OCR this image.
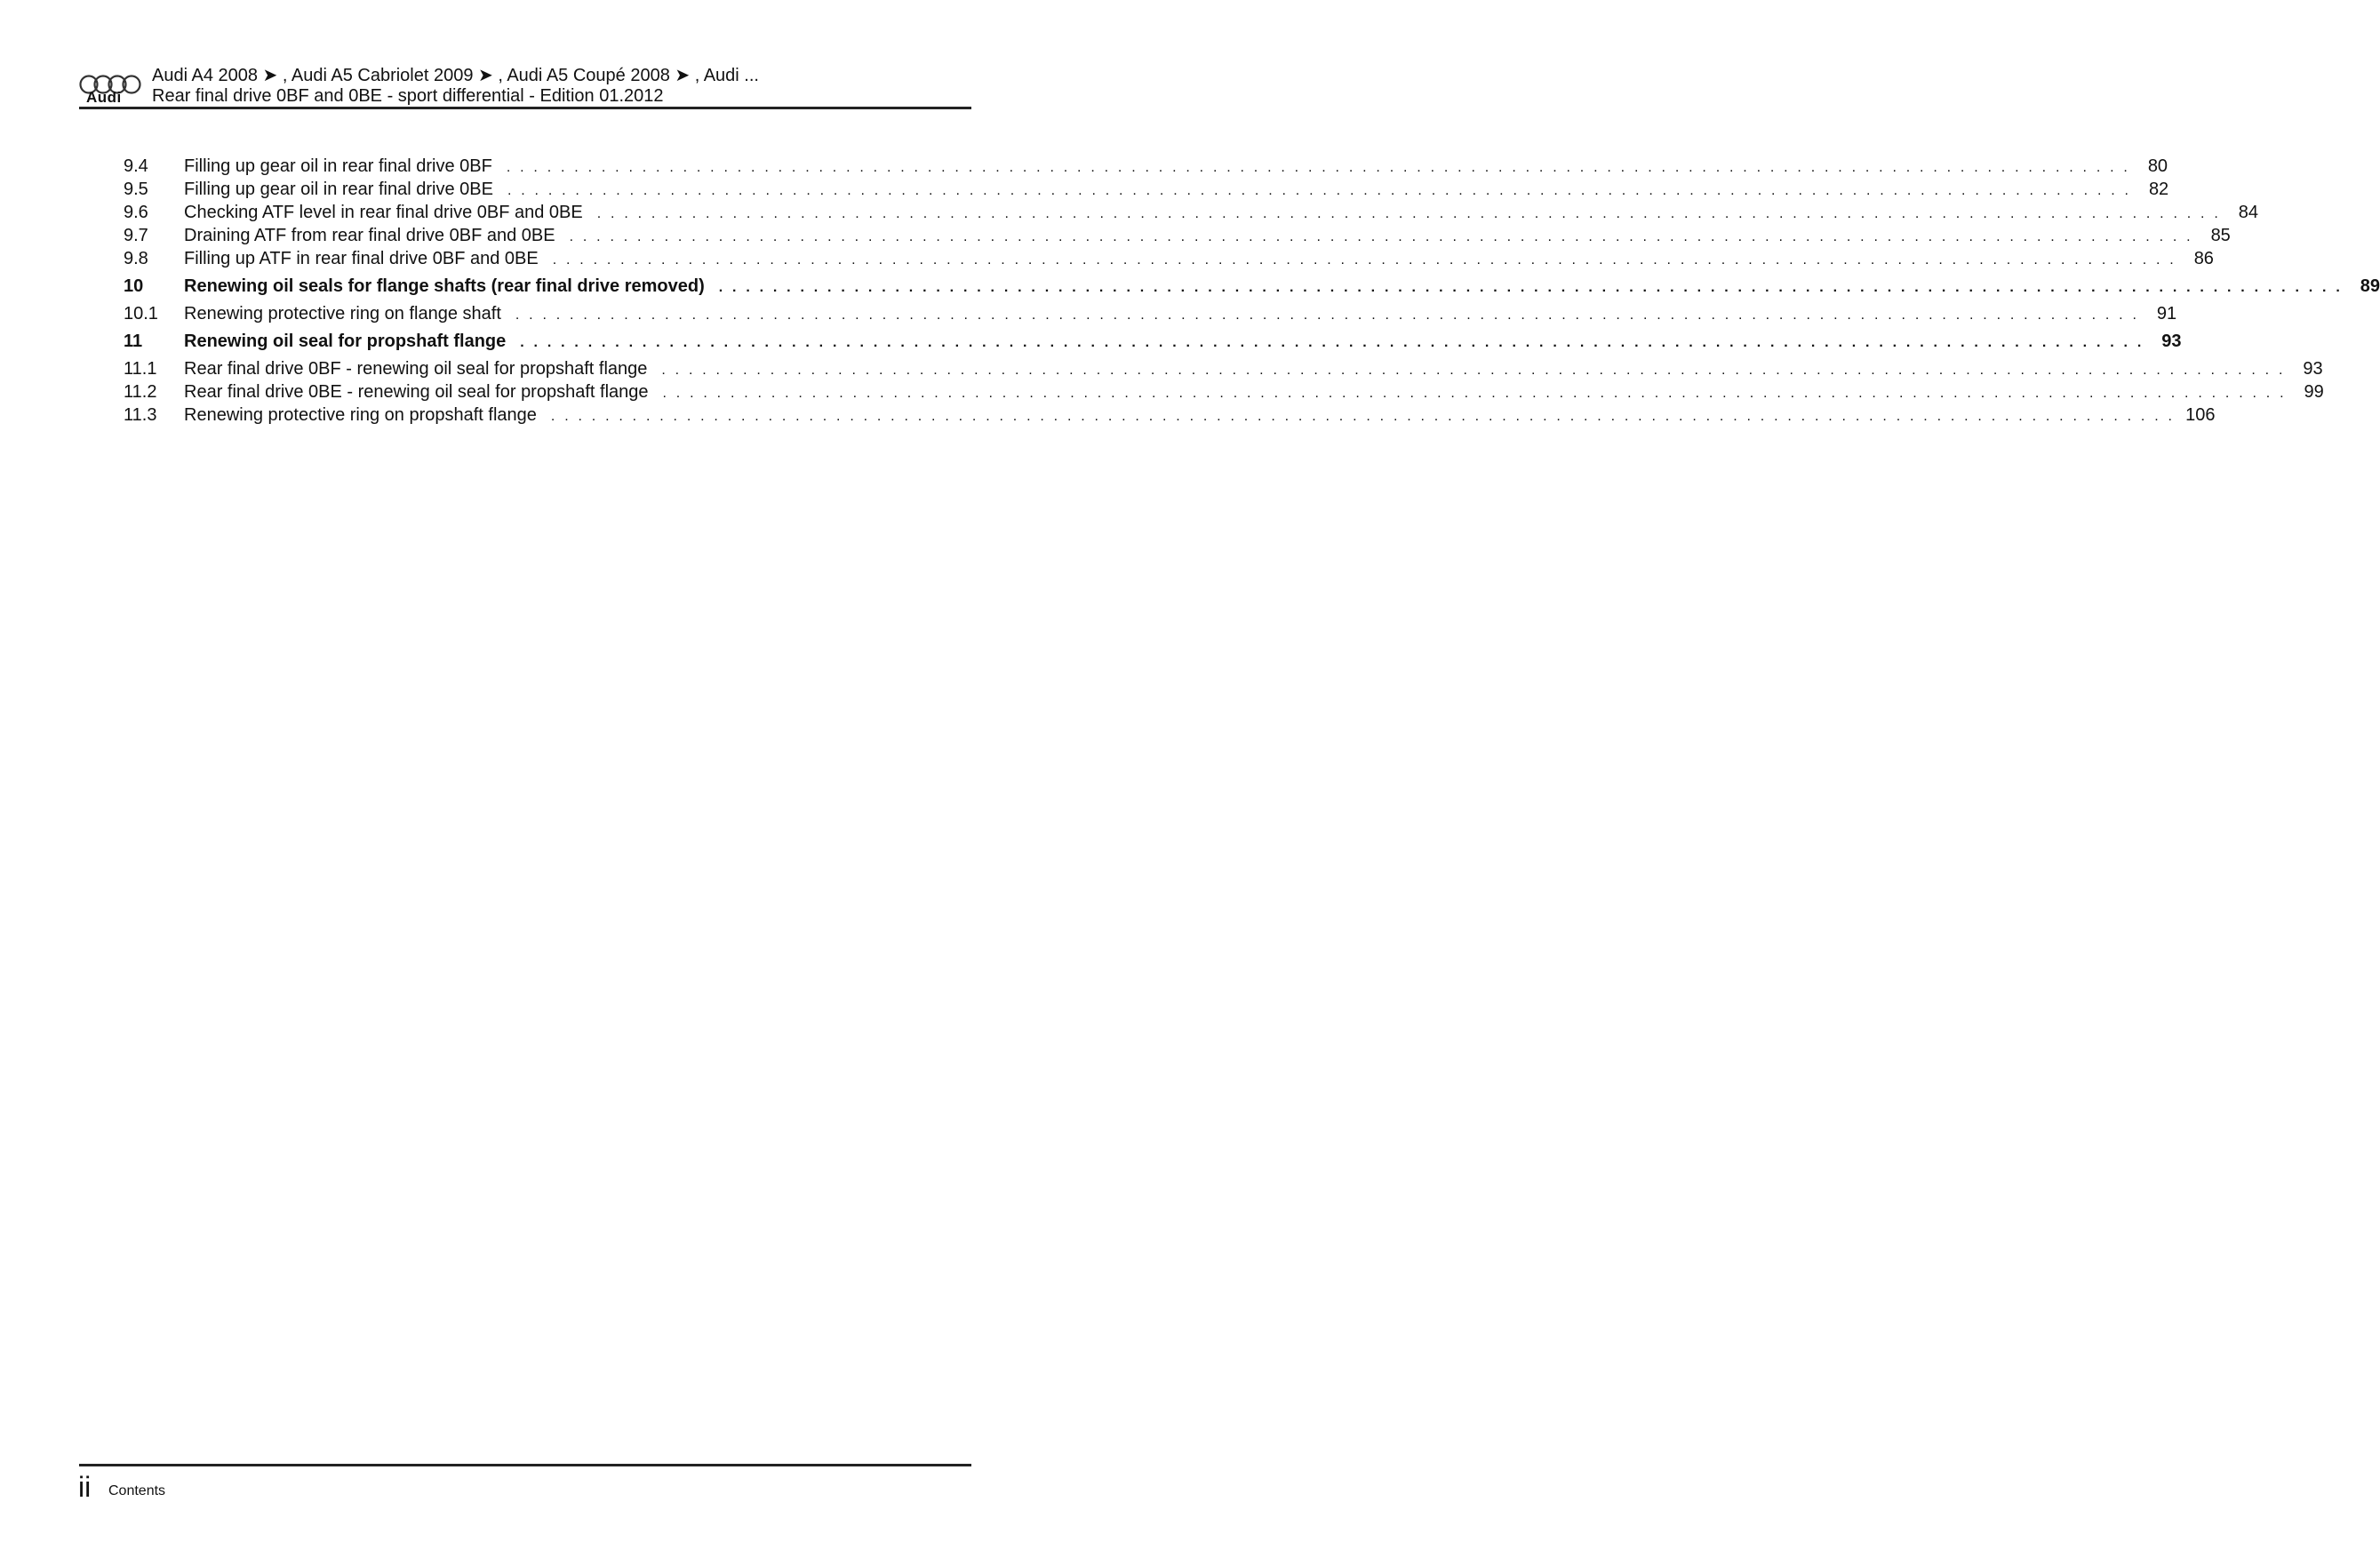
Audi
Audi A4 2008 ➤ , Audi A5 Cabriolet 2009 ➤ , Audi A5 Coupé 2008 ➤ , Audi ...
Rear final drive 0BF and 0BE - sport differential - Edition 01.2012
9.4	Filling up gear oil in rear final drive 0BF . . . . . . . . . . . . . . . . . . . . . . . . . . . . . . . . . . . . . . . . . . . . . . . . . . . . . . . . . . . . . . . . . . . . . . . . . . . . . . . . . . . . . . . . . . . . . . . . . . . . . . . . . . . . . . . . . . . . . . . . 80
9.5	Filling up gear oil in rear final drive 0BE . . . . . . . . . . . . . . . . . . . . . . . . . . . . . . . . . . . . . . . . . . . . . . . . . . . . . . . . . . . . . . . . . . . . . . . . . . . . . . . . . . . . . . . . . . . . . . . . . . . . . . . . . . . . . . . . . . . . . . . . 82
9.6	Checking ATF level in rear final drive 0BF and 0BE . . . . . . . . . . . . . . . . . . . . . . . . . . . . . . . . . . . . . . . . . . . . . . . . . . . . . . . . . . . . . . . . . . . . . . . . . . . . . . . . . . . . . . . . . . . . . . . . . . . . . . . . . . . . . . . . . . . . . . . . 84
9.7	Draining ATF from rear final drive 0BF and 0BE . . . . . . . . . . . . . . . . . . . . . . . . . . . . . . . . . . . . . . . . . . . . . . . . . . . . . . . . . . . . . . . . . . . . . . . . . . . . . . . . . . . . . . . . . . . . . . . . . . . . . . . . . . . . . . . . . . . . . . . . 85
9.8	Filling up ATF in rear final drive 0BF and 0BE . . . . . . . . . . . . . . . . . . . . . . . . . . . . . . . . . . . . . . . . . . . . . . . . . . . . . . . . . . . . . . . . . . . . . . . . . . . . . . . . . . . . . . . . . . . . . . . . . . . . . . . . . . . . . . . . . . . . . . . . 86
10	Renewing oil seals for flange shafts (rear final drive removed) . . . . . . . . . . . . . . . . . . . . . . . . . . . . . . . . . . . . . . . . . . . . . . . . . . . . . . . . . . . . . . . . . . . . . . . . . . . . . . . . . . . . . . . . . . . . . . . . . . . . . . . . . . . . . . . . . . . . . . . . 89
10.1	Renewing protective ring on flange shaft . . . . . . . . . . . . . . . . . . . . . . . . . . . . . . . . . . . . . . . . . . . . . . . . . . . . . . . . . . . . . . . . . . . . . . . . . . . . . . . . . . . . . . . . . . . . . . . . . . . . . . . . . . . . . . . . . . . . . . . . 91
11	Renewing oil seal for propshaft flange . . . . . . . . . . . . . . . . . . . . . . . . . . . . . . . . . . . . . . . . . . . . . . . . . . . . . . . . . . . . . . . . . . . . . . . . . . . . . . . . . . . . . . . . . . . . . . . . . . . . . . . . . . . . . . . . . . . . . . . . 93
11.1	Rear final drive 0BF - renewing oil seal for propshaft flange . . . . . . . . . . . . . . . . . . . . . . . . . . . . . . . . . . . . . . . . . . . . . . . . . . . . . . . . . . . . . . . . . . . . . . . . . . . . . . . . . . . . . . . . . . . . . . . . . . . . . . . . . . . . . . . . . . . . . . . . 93
11.2	Rear final drive 0BE - renewing oil seal for propshaft flange . . . . . . . . . . . . . . . . . . . . . . . . . . . . . . . . . . . . . . . . . . . . . . . . . . . . . . . . . . . . . . . . . . . . . . . . . . . . . . . . . . . . . . . . . . . . . . . . . . . . . . . . . . . . . . . . . . . . . . . . 99
11.3	Renewing protective ring on propshaft flange . . . . . . . . . . . . . . . . . . . . . . . . . . . . . . . . . . . . . . . . . . . . . . . . . . . . . . . . . . . . . . . . . . . . . . . . . . . . . . . . . . . . . . . . . . . . . . . . . . . . . . . . . . . . . . . . . . . . . . . . 106
ii Contents
